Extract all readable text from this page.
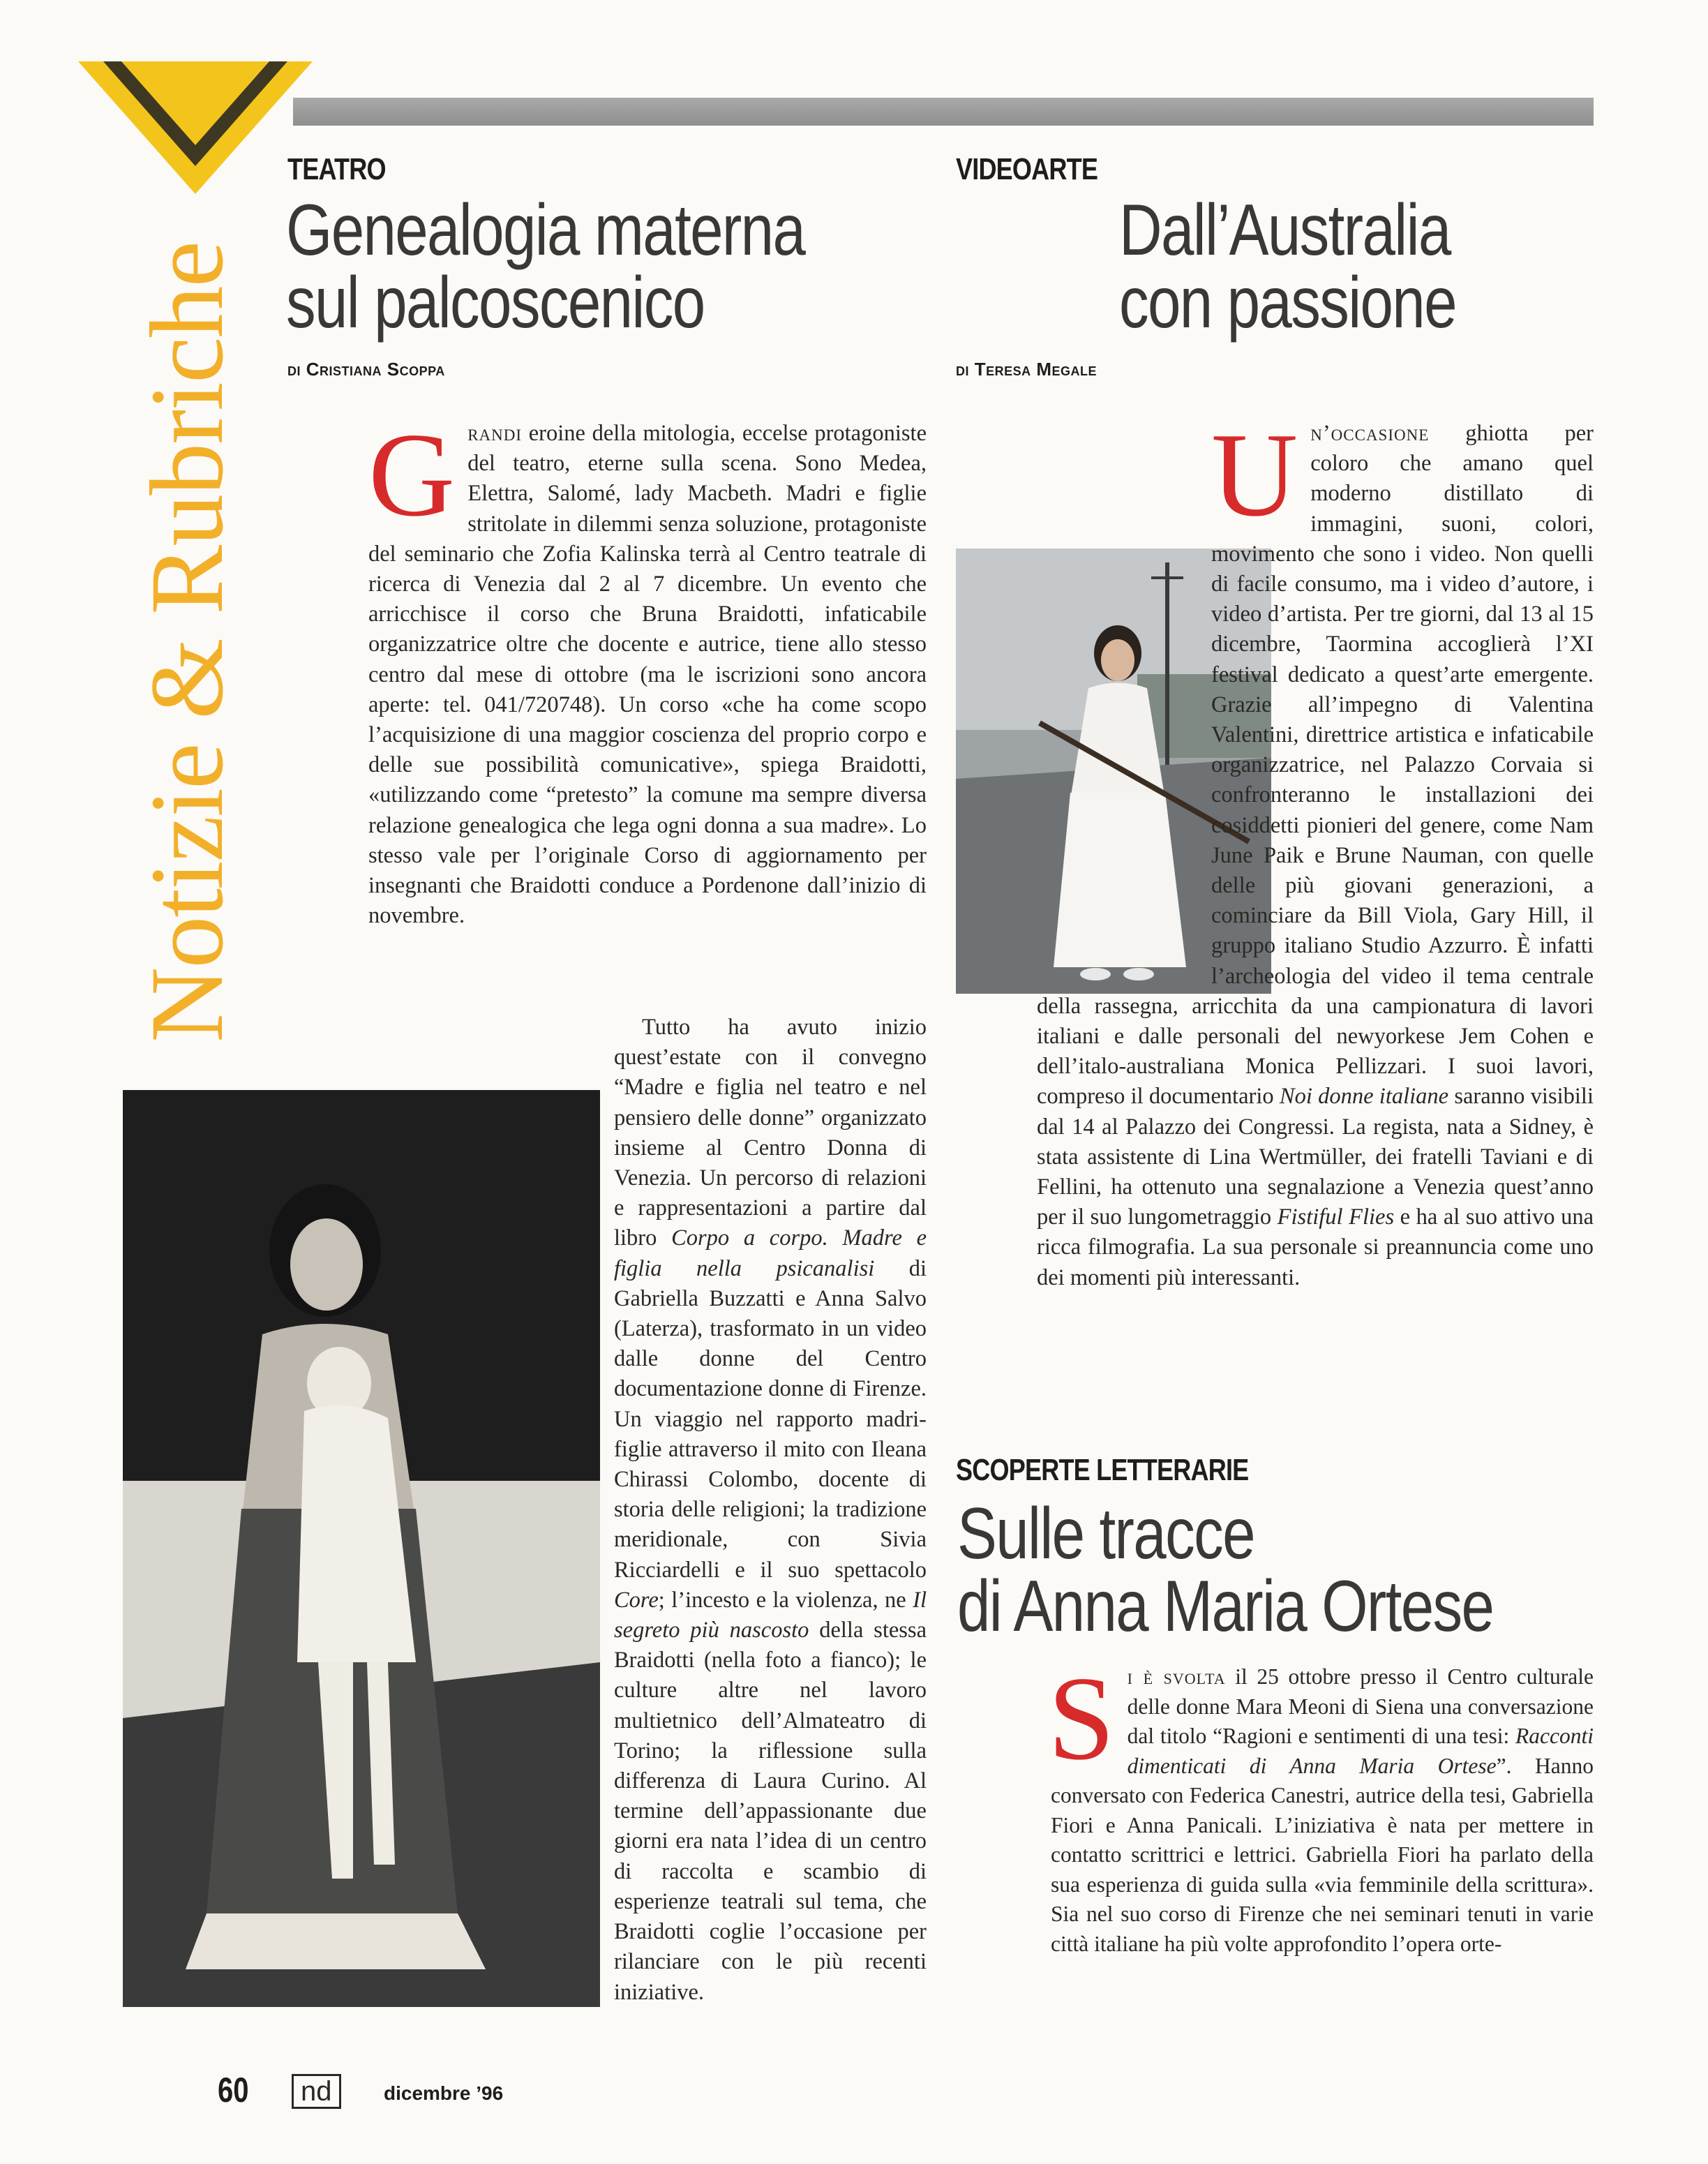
Notizie & Rubriche
TEATRO
Genealogia materna
sul palcoscenico
di Cristiana Scoppa

Grandi eroine della mitologia, eccelse protagoniste del teatro, eterne sulla scena. Sono Medea, Elettra, Salomé, lady Macbeth. Madri e figlie stritolate in dilemmi senza soluzione, protagoniste del seminario che Zofia Kalinska terrà al Centro teatrale di ricerca di Venezia dal 2 al 7 dicembre. Un evento che arricchisce il corso che Bruna Braidotti, infaticabile organizzatrice oltre che docente e autrice, tiene allo stesso centro dal mese di ottobre (ma le iscrizioni sono ancora aperte: tel. 041/720748). Un corso «che ha come scopo l’acquisizione di una maggior coscienza del proprio corpo e delle sue possibilità comunicative», spiega Braidotti, «utilizzando come “pretesto” la comune ma sempre diversa relazione genealogica che lega ogni donna a sua madre». Lo stesso vale per l’originale Corso di aggiornamento per insegnanti che Braidotti conduce a Pordenone dall’inizio di novembre.

Tutto ha avuto inizio quest’estate con il convegno “Madre e figlia nel teatro e nel pensiero delle donne” organizzato insieme al Centro Donna di Venezia. Un percorso di relazioni e rappresentazioni a partire dal libro Corpo a corpo. Madre e figlia nella psicanalisi di Gabriella Buzzatti e Anna Salvo (Laterza), trasformato in un video dalle donne del Centro documentazione donne di Firenze. Un viaggio nel rapporto madri-figlie attraverso il mito con Ileana Chirassi Colombo, docente di storia delle religioni; la tradizione meridionale, con Sivia Ricciardelli e il suo spettacolo Core; l’incesto e la violenza, ne Il segreto più nascosto della stessa Braidotti (nella foto a fianco); le culture altre nel lavoro multietnico dell’Almateatro di Torino; la riflessione sulla differenza di Laura Curino. Al termine dell’appassionante due giorni era nata l’idea di un centro di raccolta e scambio di esperienze teatrali sul tema, che Braidotti coglie l’occasione per rilanciare con le più recenti iniziative.

VIDEOARTE
Dall’Australia
con passione
di Teresa Megale

Un’occasione ghiotta per coloro che amano quel moderno distillato di immagini, suoni, colori, movimento che sono i video. Non quelli di facile consumo, ma i video d’autore, i video d’artista. Per tre giorni, dal 13 al 15 dicembre, Taormina accoglierà l’XI festival dedicato a quest’arte emergente. Grazie all’impegno di Valentina Valentini, direttrice artistica e infaticabile organizzatrice, nel Palazzo Corvaia si confronteranno le installazioni dei cosiddetti pionieri del genere, come Nam June Paik e Brune Nauman, con quelle delle più giovani generazioni, a cominciare da Bill Viola, Gary Hill, il gruppo italiano Studio Azzurro. È infatti l’archeologia del video il tema centrale della rassegna, arricchita da una campionatura di lavori italiani e dalle personali del newyorkese Jem Cohen e dell’italo-australiana Monica Pellizzari. I suoi lavori, compreso il documentario Noi donne italiane saranno visibili dal 14 al Palazzo dei Congressi. La regista, nata a Sidney, è stata assistente di Lina Wertmüller, dei fratelli Taviani e di Fellini, ha ottenuto una segnalazione a Venezia quest’anno per il suo lungometraggio Fistiful Flies e ha al suo attivo una ricca filmografia. La sua personale si preannuncia come uno dei momenti più interessanti.

SCOPERTE LETTERARIE
Sulle tracce
di Anna Maria Ortese

Si è svolta il 25 ottobre presso il Centro culturale delle donne Mara Meoni di Siena una conversazione dal titolo “Ragioni e sentimenti di una tesi: Racconti dimenticati di Anna Maria Ortese”. Hanno conversato con Federica Canestri, autrice della tesi, Gabriella Fiori e Anna Panicali. L’iniziativa è nata per mettere in contatto scrittrici e lettrici. Gabriella Fiori ha parlato della sua esperienza di guida sulla «via femminile della scrittura». Sia nel suo corso di Firenze che nei seminari tenuti in varie città italiane ha più volte approfondito l’opera orte-

60	nd	dicembre ’96
